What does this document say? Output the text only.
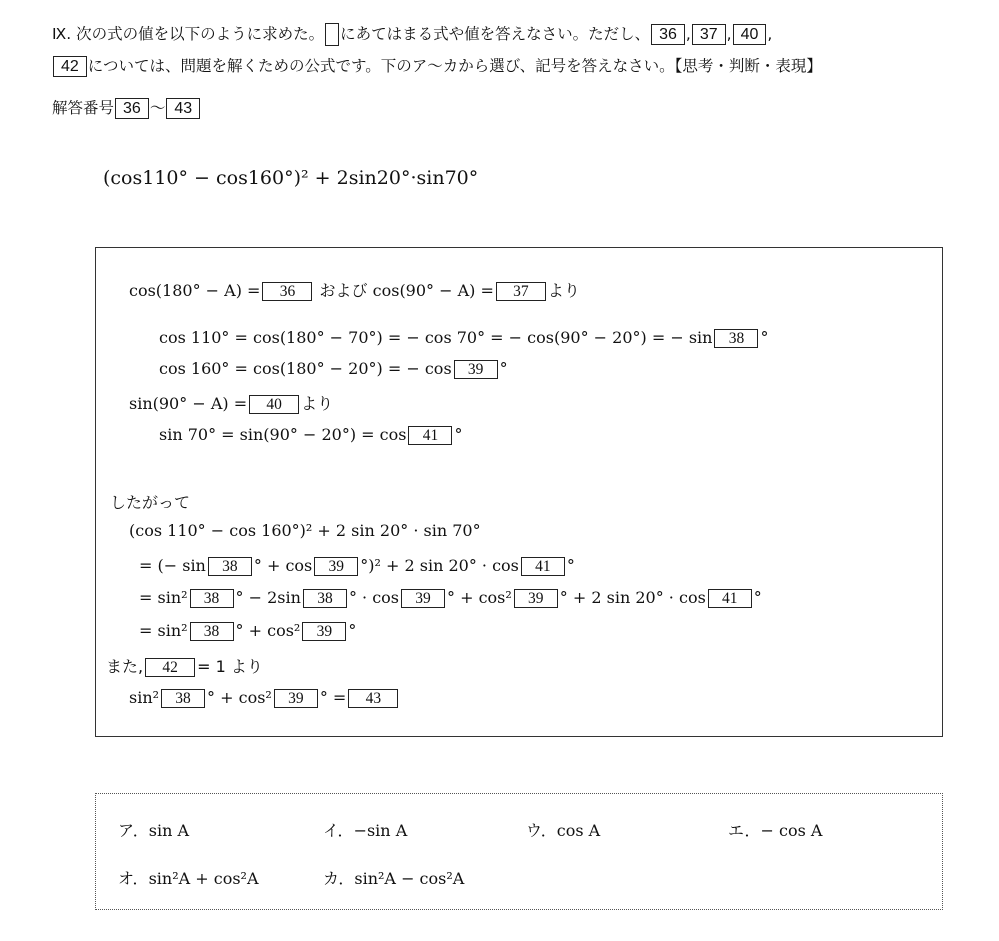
Ⅸ. 次の式の値を以下のように求めた。 にあてはまる式や値を答えなさい。ただし、 36 , 37 , 40 ,
42 については、問題を解くための公式です。下のア～カから選び、記号を答えなさい。【思考・判断・表現】
解答番号 36 ～ 43
(cos110° − cos160°)² + 2sin20°·sin70°
cos(180° − A) = 36 および cos(90° − A) = 37 より
cos 110° = cos(180° − 70°) = − cos 70° = − cos(90° − 20°) = − sin 38 °
cos 160° = cos(180° − 20°) = − cos 39 °
sin(90° − A) = 40 より
sin 70° = sin(90° − 20°) = cos 41 °
したがって
(cos 110° − cos 160°)² + 2 sin 20° · sin 70°
= (− sin 38 ° + cos 39 °)² + 2 sin 20° · cos 41 °
= sin² 38 ° − 2sin 38 ° · cos 39 ° + cos² 39 ° + 2 sin 20° · cos 41 °
= sin² 38 ° + cos² 39 °
また, 42 = 1 より
sin² 38 ° + cos² 39 ° = 43
ア．sin A	イ．−sin A	ウ．cos A	エ．− cos A
オ．sin²A + cos²A	カ．sin²A − cos²A
